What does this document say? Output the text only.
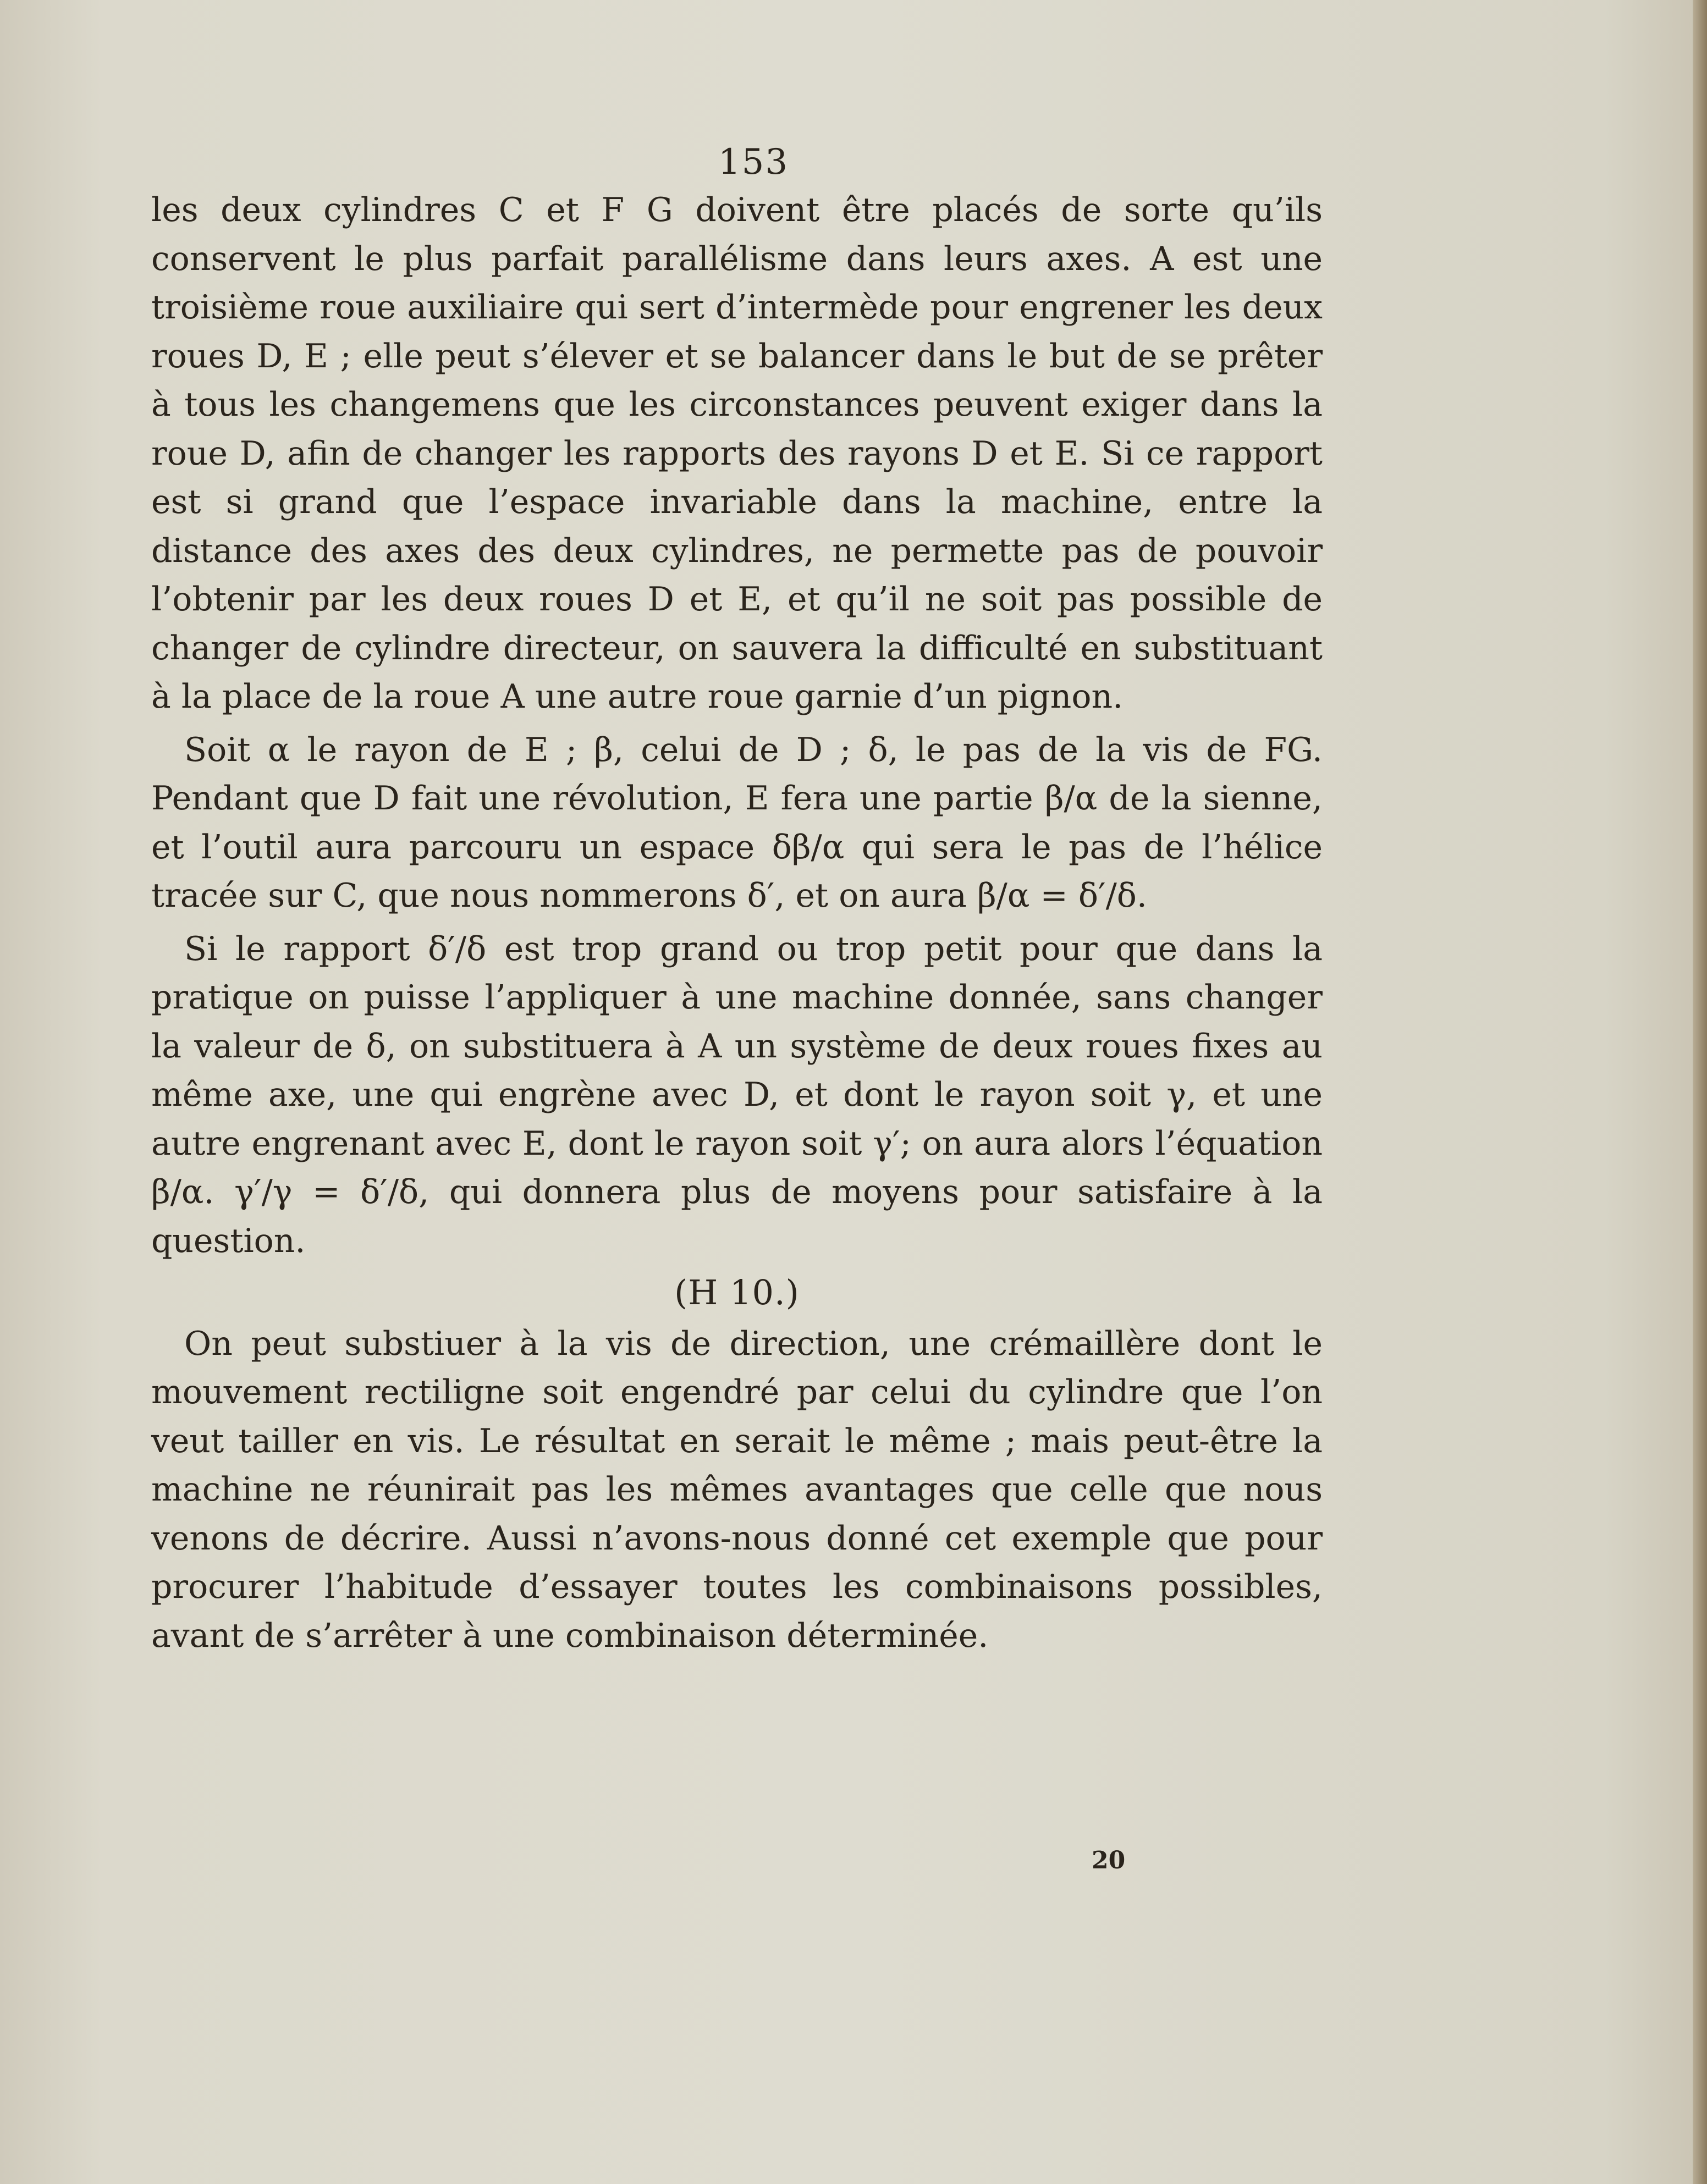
153

les deux cylindres C et F G doivent être placés de sorte qu’ils conservent le plus parfait parallélisme dans leurs axes. A est une troisième roue auxiliaire qui sert d’intermède pour engrener les deux roues D, E ; elle peut s’élever et se balancer dans le but de se prêter à tous les changemens que les circonstances peuvent exiger dans la roue D, afin de changer les rapports des rayons D et E. Si ce rapport est si grand que l’espace invariable dans la machine, entre la distance des axes des deux cylindres, ne permette pas de pouvoir l’obtenir par les deux roues D et E, et qu’il ne soit pas possible de changer de cylindre directeur, on sauvera la difficulté en substituant à la place de la roue A une autre roue garnie d’un pignon.

Soit α le rayon de E ; β, celui de D ; δ, le pas de la vis de FG. Pendant que D fait une révolution, E fera une partie β/α de la sienne, et l’outil aura parcouru un espace δβ/α qui sera le pas de l’hélice tracée sur C, que nous nommerons δ′, et on aura β/α = δ′/δ.

Si le rapport δ′/δ est trop grand ou trop petit pour que dans la pratique on puisse l’appliquer à une machine donnée, sans changer la valeur de δ, on substituera à A un système de deux roues fixes au même axe, une qui engrène avec D, et dont le rayon soit γ, et une autre engrenant avec E, dont le rayon soit γ′; on aura alors l’équation β/α. γ′/γ = δ′/δ, qui donnera plus de moyens pour satisfaire à la question.

(H 10.)

On peut substiuer à la vis de direction, une crémaillère dont le mouvement rectiligne soit engendré par celui du cylindre que l’on veut tailler en vis. Le résultat en serait le même ; mais peut-être la machine ne réunirait pas les mêmes avantages que celle que nous venons de décrire. Aussi n’avons-nous donné cet exemple que pour procurer l’habitude d’essayer toutes les combinaisons possibles, avant de s’arrêter à une combinaison déterminée.

20
